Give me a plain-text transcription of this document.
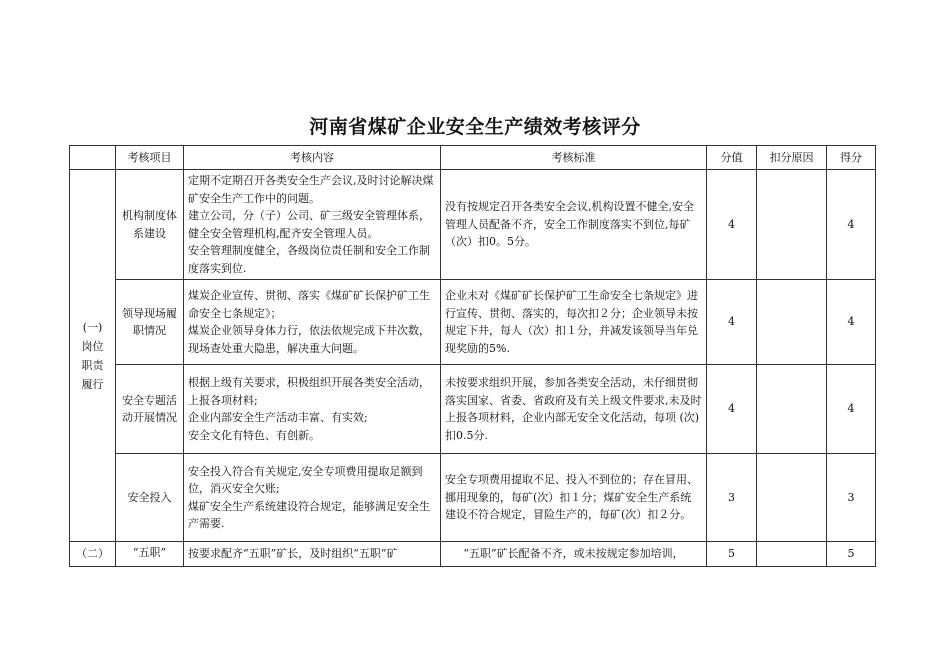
河南省煤矿企业安全生产绩效考核评分
	考核项目	考核内容	考核标准	分值	扣分原因	得分
(一)岗位职责履行	机构制度体系建设	定期不定期召开各类安全生产会议,及时讨论解决煤矿安全生产工作中的问题。
建立公司，分（子）公司、矿三级安全管理体系，健全安全管理机构,配齐安全管理人员。
安全管理制度健全，各级岗位责任制和安全工作制度落实到位.	没有按规定召开各类安全会议,机构设置不健全,安全管理人员配备不齐，安全工作制度落实不到位,每矿（次）扣0。5分。	4		4
	领导现场履职情况	煤炭企业宣传、贯彻、落实《煤矿矿长保护矿工生命安全七条规定》；
煤炭企业领导身体力行，依法依规完成下井次数，现场查处重大隐患，解决重大问题。	企业未对《煤矿矿长保护矿工生命安全七条规定》进行宣传、贯彻、落实的，每次扣２分；企业领导未按规定下井，每人（次）扣１分，并减发该领导当年兑现奖励的5%.	4		4
	安全专题活动开展情况	根据上级有关要求，积极组织开展各类安全活动，上报各项材料;
企业内部安全生产活动丰富、有实效;
安全文化有特色、有创新。	未按要求组织开展，参加各类安全活动，未仔细贯彻落实国家、省委、省政府及有关上级文件要求,未及时上报各项材料，企业内部无安全文化活动，每项 (次)扣0.5分.	4		4
	安全投入	安全投入符合有关规定,安全专项费用提取足额到位，消灭安全欠账;
煤矿安全生产系统建设符合规定，能够满足安全生产需要.	安全专项费用提取不足、投入不到位的；存在冒用、挪用现象的，每矿(次）扣１分；煤矿安全生产系统建设不符合规定，冒险生产的，每矿(次）扣２分。	3		3
（二）	“五职”	按要求配齐“五职”矿长，及时组织“五职”矿	“五职”矿长配备不齐，或未按规定参加培训，	5		5
